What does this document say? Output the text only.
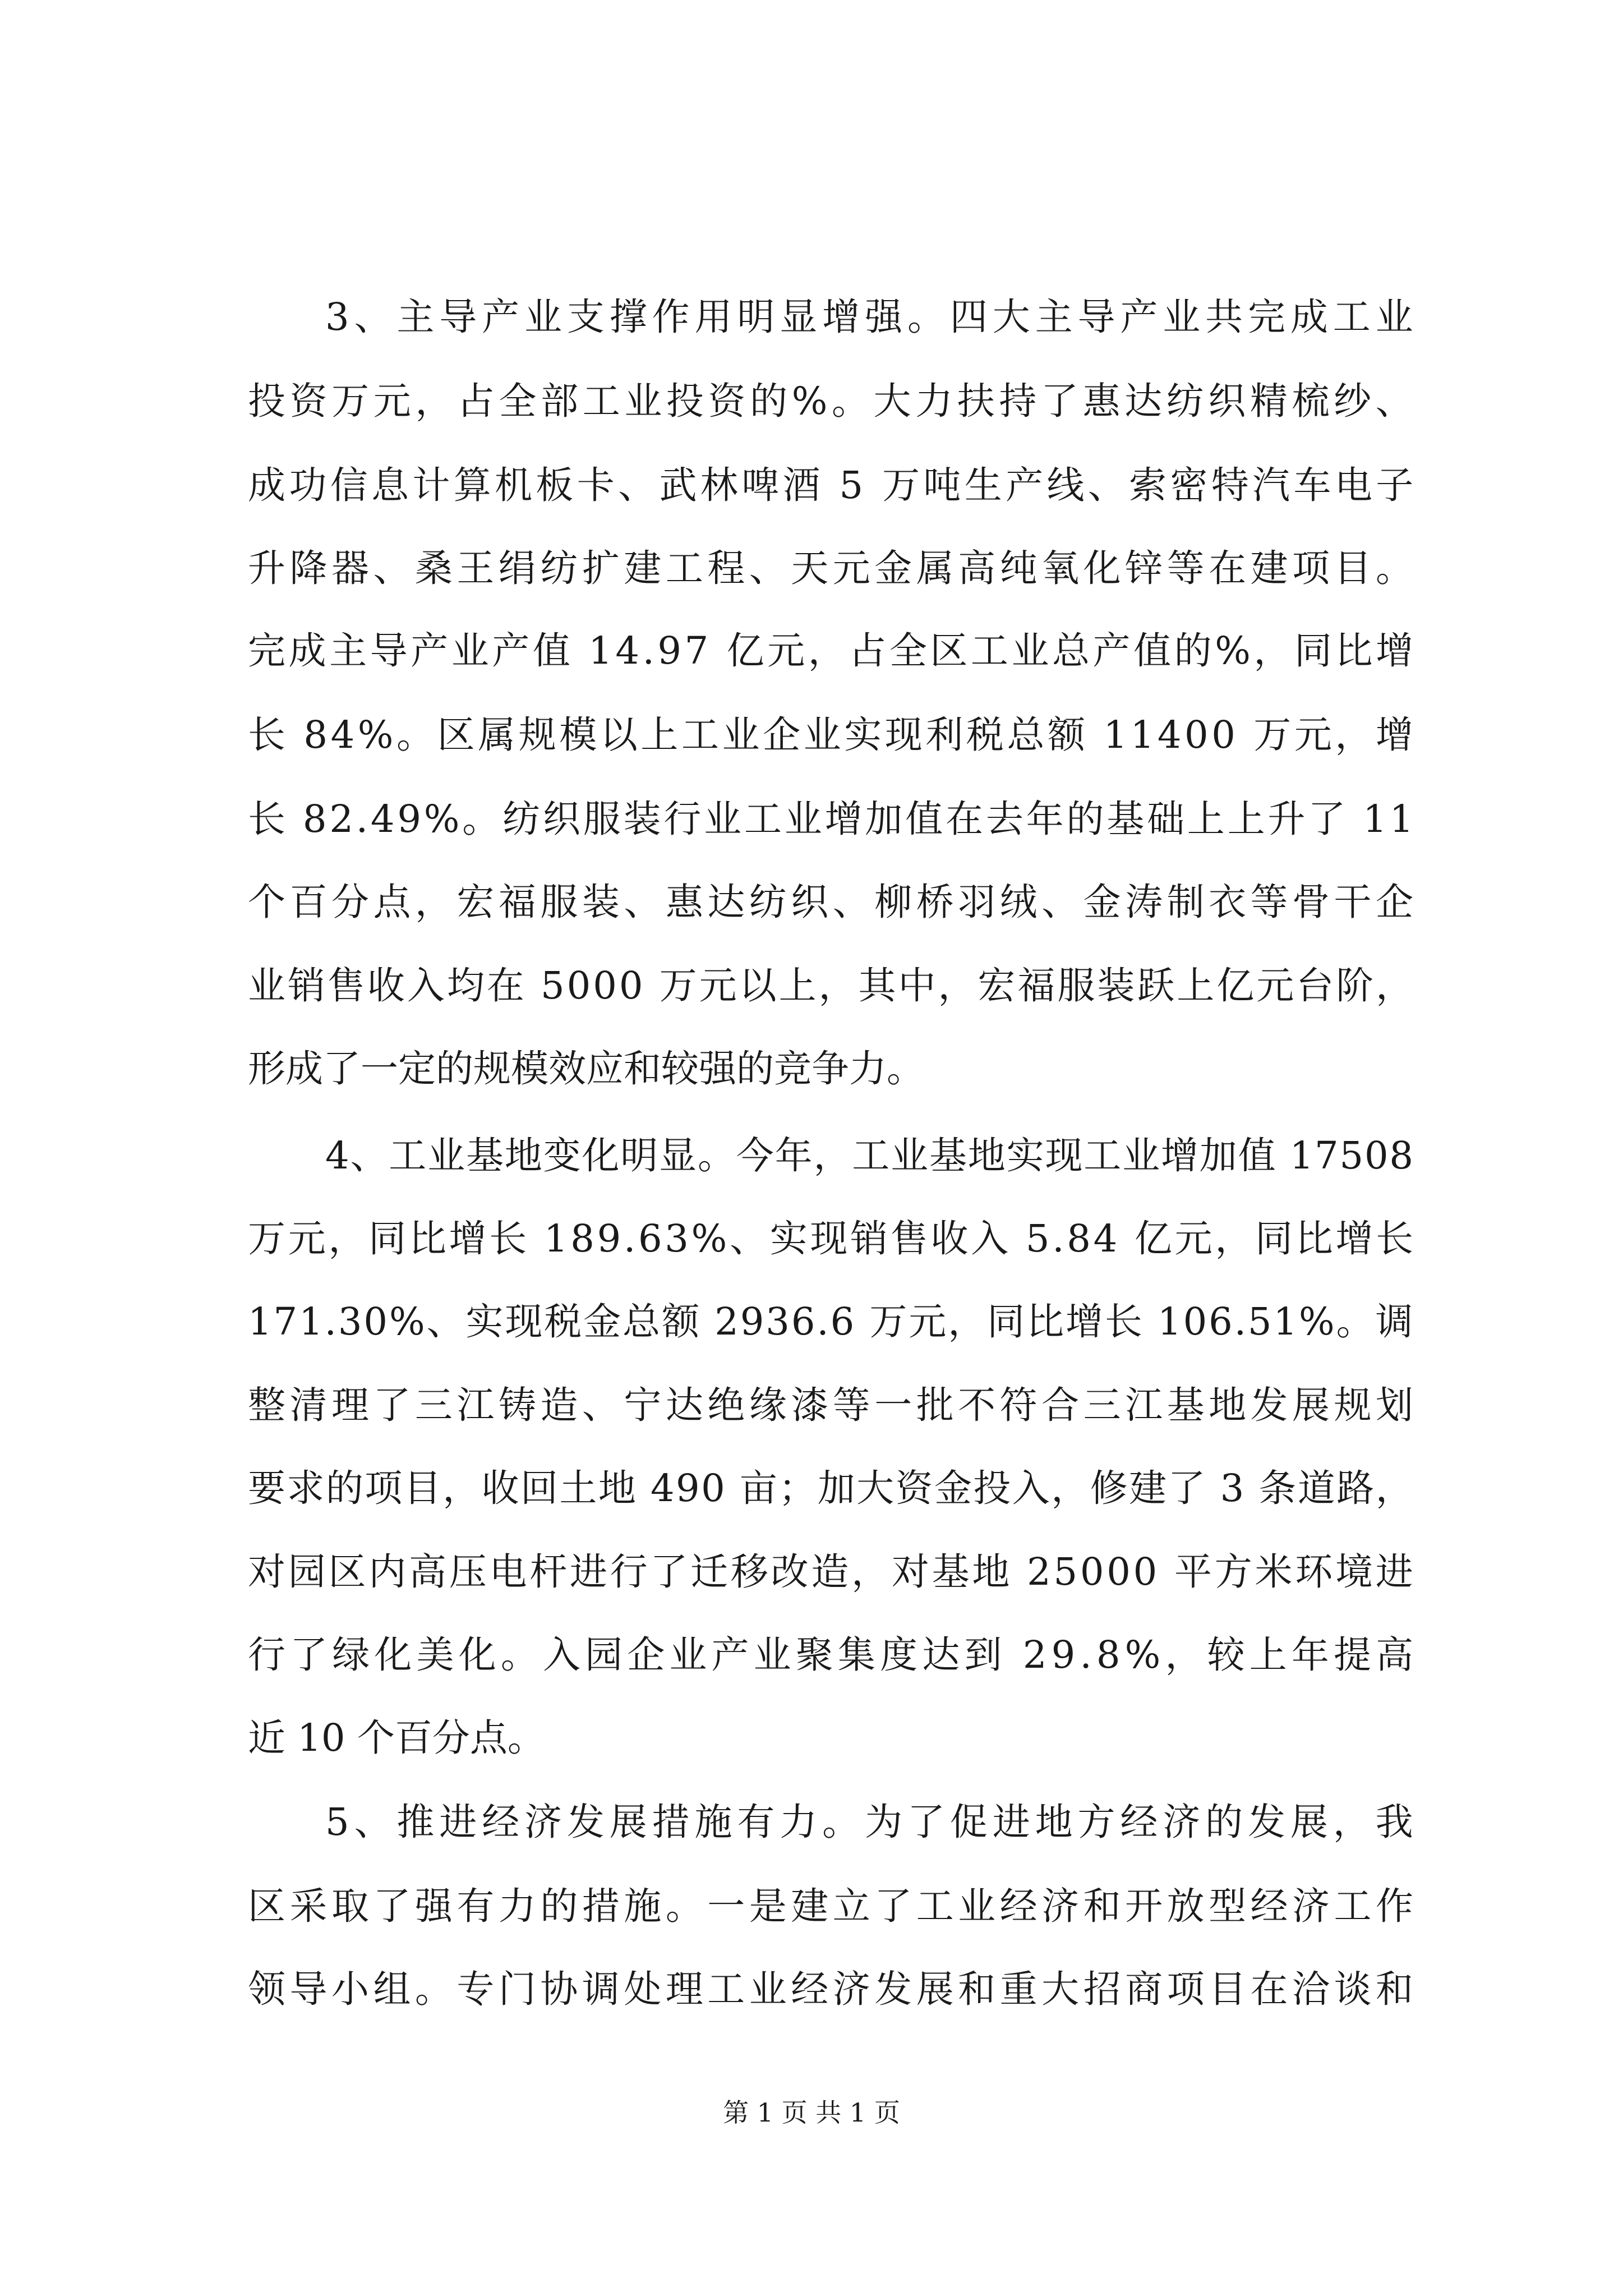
3、主导产业支撑作用明显增强。四大主导产业共完成工业
投资万元，占全部工业投资的%。大力扶持了惠达纺织精梳纱、
成功信息计算机板卡、武林啤酒 5 万吨生产线、索密特汽车电子
升降器、桑王绢纺扩建工程、天元金属高纯氧化锌等在建项目。
完成主导产业产值 14.97 亿元，占全区工业总产值的%，同比增
长 84%。区属规模以上工业企业实现利税总额 11400 万元，增
长 82.49%。纺织服装行业工业增加值在去年的基础上上升了 11
个百分点，宏福服装、惠达纺织、柳桥羽绒、金涛制衣等骨干企
业销售收入均在 5000 万元以上，其中，宏福服装跃上亿元台阶，
形成了一定的规模效应和较强的竞争力。
4、工业基地变化明显。今年，工业基地实现工业增加值 17508
万元，同比增长 189.63%、实现销售收入 5.84 亿元，同比增长
171.30%、实现税金总额 2936.6 万元，同比增长 106.51%。调
整清理了三江铸造、宁达绝缘漆等一批不符合三江基地发展规划
要求的项目，收回土地 490 亩；加大资金投入，修建了 3 条道路，
对园区内高压电杆进行了迁移改造，对基地 25000 平方米环境进
行了绿化美化。入园企业产业聚集度达到 29.8%，较上年提高
近 10 个百分点。
5、推进经济发展措施有力。为了促进地方经济的发展，我
区采取了强有力的措施。一是建立了工业经济和开放型经济工作
领导小组。专门协调处理工业经济发展和重大招商项目在洽谈和
第 1 页 共 1 页
